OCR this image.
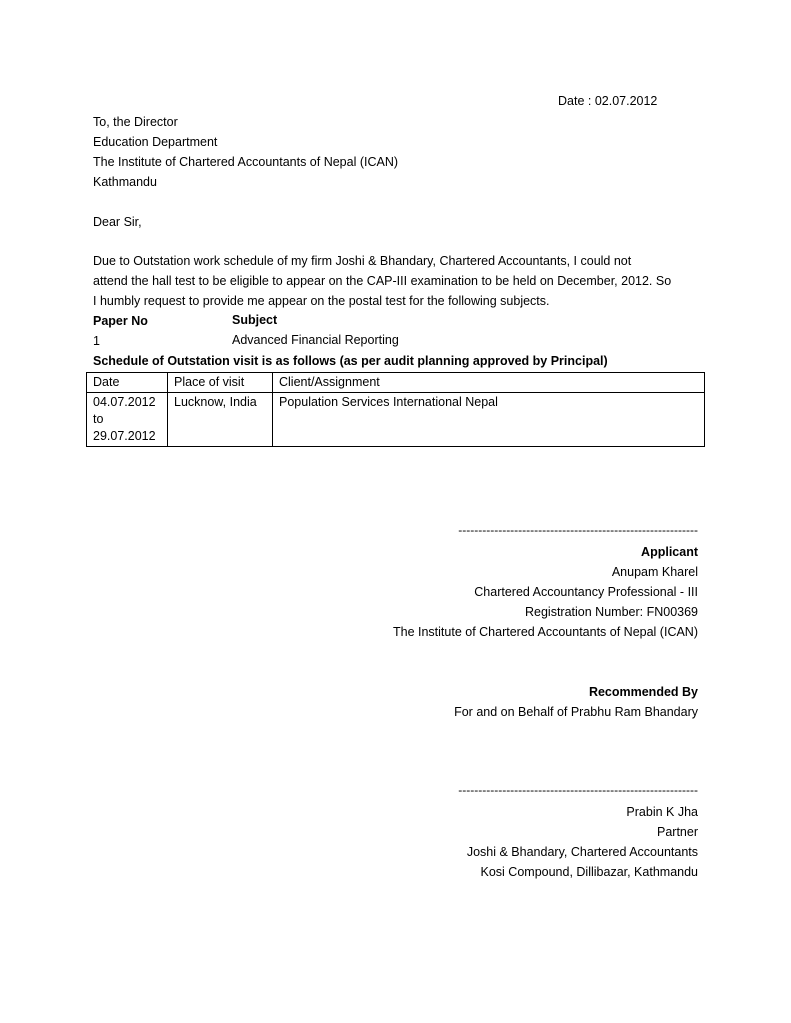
Date : 02.07.2012
To, the Director
Education Department
The Institute of Chartered Accountants of Nepal (ICAN)
Kathmandu
Dear Sir,
Due to Outstation work schedule of my firm Joshi & Bhandary, Chartered Accountants, I could not
attend the hall test to be eligible to appear on the CAP-III examination to be held on December, 2012. So
I humbly request to provide me appear on the postal test for the following subjects.
Paper No	Subject
1	Advanced Financial Reporting
Schedule of Outstation visit is as follows (as per audit planning approved by Principal)
Date	Place of visit	Client/Assignment

04.07.2012
to
29.07.2012	Lucknow, India	Population Services International Nepal
------------------------------------------------------------
Applicant
Anupam Kharel
Chartered Accountancy Professional - III
Registration Number: FN00369
The Institute of Chartered Accountants of Nepal (ICAN)
Recommended By
For and on Behalf of Prabhu Ram Bhandary
------------------------------------------------------------
Prabin K Jha
Partner
Joshi & Bhandary, Chartered Accountants
Kosi Compound, Dillibazar, Kathmandu
